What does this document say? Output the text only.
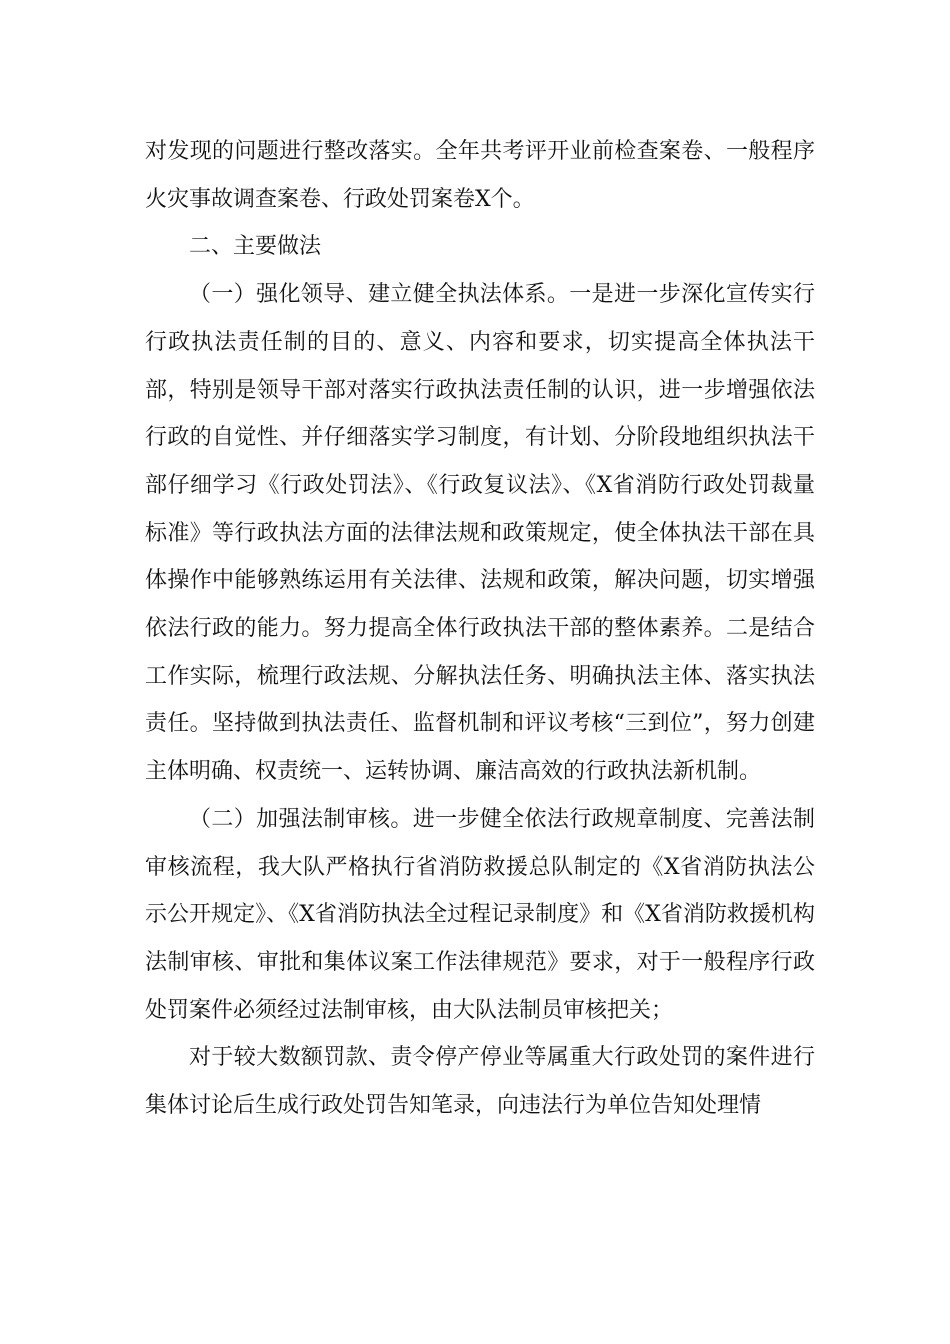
对发现的问题进行整改落实。全年共考评开业前检查案卷、一般程序火灾事故调查案卷、行政处罚案卷X个。

二、主要做法

（一）强化领导、建立健全执法体系。一是进一步深化宣传实行行政执法责任制的目的、意义、内容和要求，切实提高全体执法干部，特别是领导干部对落实行政执法责任制的认识，进一步增强依法行政的自觉性、并仔细落实学习制度，有计划、分阶段地组织执法干部仔细学习《行政处罚法》、《行政复议法》、《X省消防行政处罚裁量标准》等行政执法方面的法律法规和政策规定，使全体执法干部在具体操作中能够熟练运用有关法律、法规和政策，解决问题，切实增强依法行政的能力。努力提高全体行政执法干部的整体素养。二是结合工作实际，梳理行政法规、分解执法任务、明确执法主体、落实执法责任。坚持做到执法责任、监督机制和评议考核“三到位”，努力创建主体明确、权责统一、运转协调、廉洁高效的行政执法新机制。

（二）加强法制审核。进一步健全依法行政规章制度、完善法制审核流程，我大队严格执行省消防救援总队制定的《X省消防执法公示公开规定》、《X省消防执法全过程记录制度》和《X省消防救援机构法制审核、审批和集体议案工作法律规范》要求，对于一般程序行政处罚案件必须经过法制审核，由大队法制员审核把关；

对于较大数额罚款、责令停产停业等属重大行政处罚的案件进行集体讨论后生成行政处罚告知笔录，向违法行为单位告知处理情
